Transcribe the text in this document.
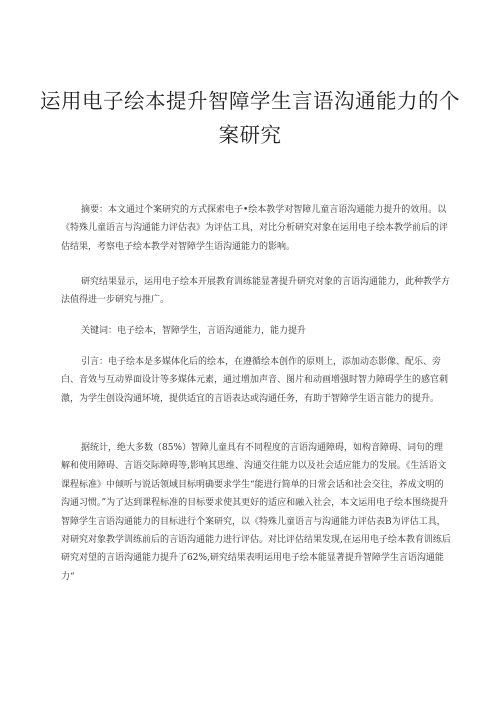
运用电子绘本提升智障学生言语沟通能力的个
案研究
摘要：本文通过个案研究的方式探索电子•绘本教学对智障儿童言语沟通能力提升的效用。以《特殊儿童语言与沟通能力评估表》为评估工具，对比分析研究对象在运用电子绘本教学前后的评估结果，考察电子绘本教学对智障学生语沟通能力的影响。
研究结果显示，运用电子绘本开展教育训练能显著提升研究对象的言语沟通能力，此种教学方法值得进一步研究与推广。
关键词：电子绘本，智障学生，言语沟通能力，能力提升
引言：电子绘本是多媒体化后的绘本，在遵循绘本创作的原则上，添加动态影像、配乐、旁白、音效与互动界面设计等多媒体元素，通过增加声音、图片和动画增强时智力障碍学生的感官刺激，为学生创设沟通环境，提供适宜的言语表达或沟通任务，有助于智障学生语言能力的提升。
据统计，绝大多数（85%）智障儿童具有不同程度的言语沟通障碍，如构音障碍、词句的理解和使用障碍、言语交际障碍等,影响其思维、沟通交往能力以及社会适应能力的发展。《生活语文课程标准》中倾听与说话领域目标明确要求学生“能进行简单的日常会话和社会交往，养成文明的沟通习惯。”为了达到课程标准的目标要求使其更好的适应和融入社会，本文运用电子绘本围绕提升智障学生言语沟通能力的目标进行个案研究，以《特殊儿童语言与沟通能力评估表B为评估工具，对研究对象教学训练前后的言语沟通能力进行评估。对比评估结果发现,在运用电子绘本教育训练后研究对望的言语沟通能力提升了62%,研究结果表明运用电子绘本能显著提升智障学生言语沟通能力“
